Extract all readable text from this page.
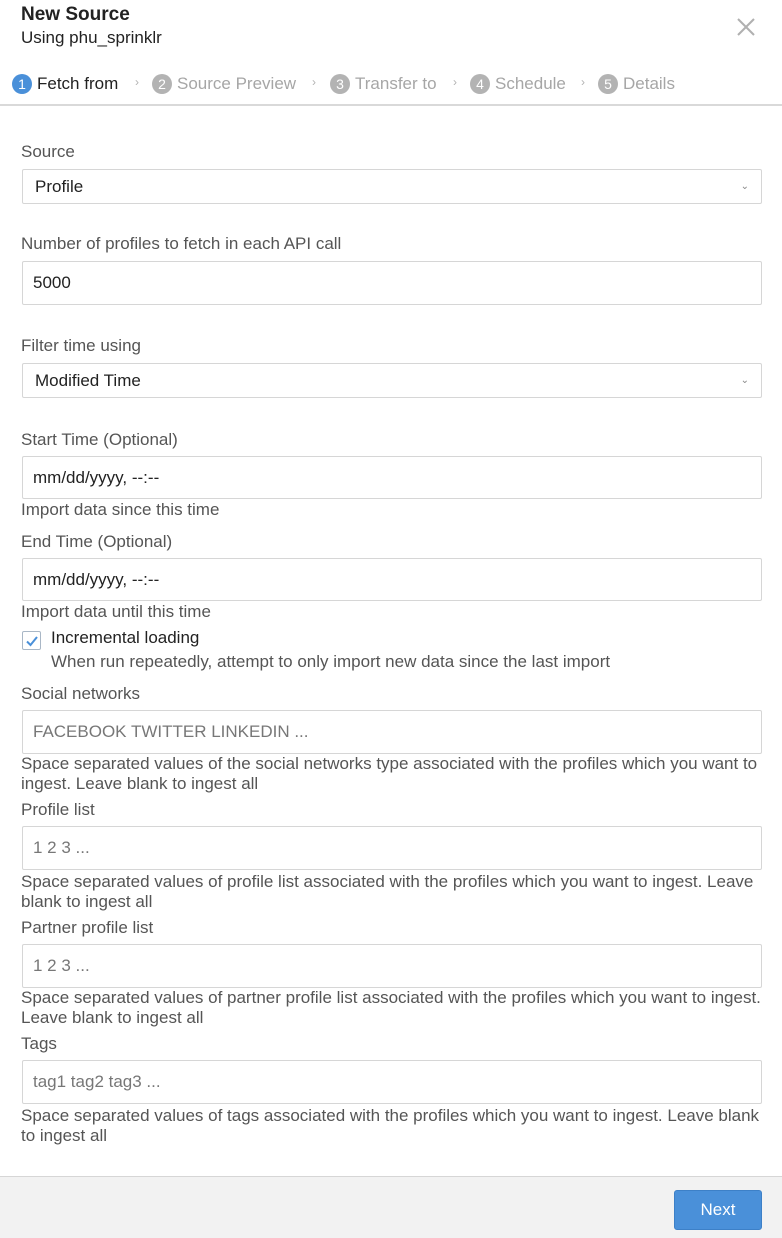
New Source
Using phu_sprinklr
1 Fetch from ›	2 Source Preview ›	3 Transfer to ›	4 Schedule ›	5 Details
Source
Profile	⌄
Number of profiles to fetch in each API call
5000
Filter time using
Modified Time	⌄
Start Time (Optional)
mm/dd/yyyy, --:--
Import data since this time
End Time (Optional)
mm/dd/yyyy, --:--
Import data until this time
Incremental loading
When run repeatedly, attempt to only import new data since the last import
Social networks
FACEBOOK TWITTER LINKEDIN ...
Space separated values of the social networks type associated with the profiles which you want to ingest. Leave blank to ingest all
Profile list
1 2 3 ...
Space separated values of profile list associated with the profiles which you want to ingest. Leave blank to ingest all
Partner profile list
1 2 3 ...
Space separated values of partner profile list associated with the profiles which you want to ingest. Leave blank to ingest all
Tags
tag1 tag2 tag3 ...
Space separated values of tags associated with the profiles which you want to ingest. Leave blank to ingest all
Next
